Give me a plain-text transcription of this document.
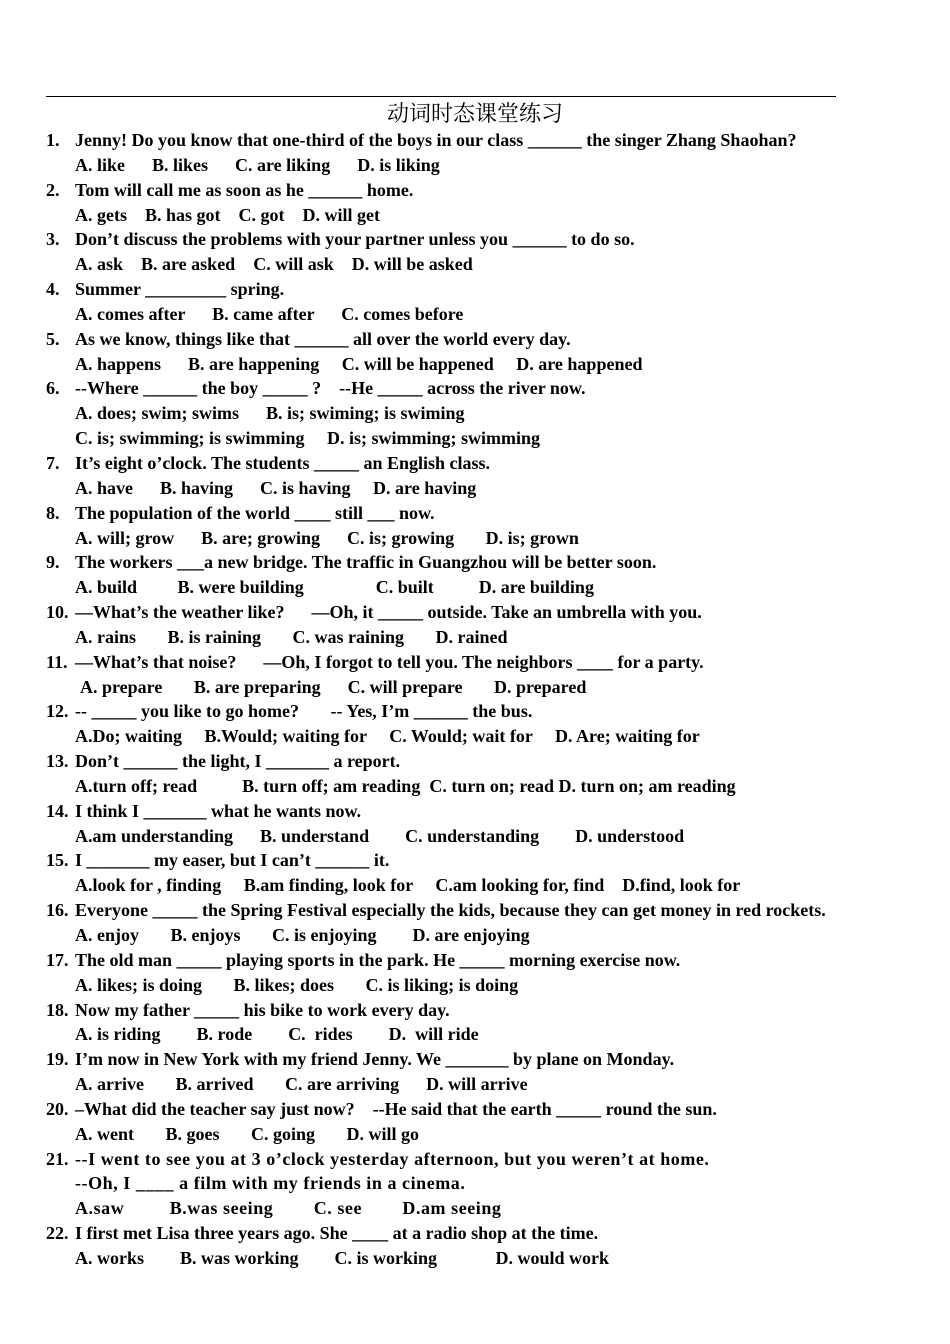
动词时态课堂练习
1. Jenny! Do you know that one-third of the boys in our class ______ the singer Zhang Shaohan?
A. like      B. likes      C. are liking      D. is liking
2. Tom will call me as soon as he ______ home.
A. gets    B. has got    C. got    D. will get
3. Don’t discuss the problems with your partner unless you ______ to do so.
A. ask    B. are asked    C. will ask    D. will be asked
4. Summer _________ spring.
A. comes after      B. came after      C. comes before
5. As we know, things like that ______ all over the world every day.
A. happens      B. are happening     C. will be happened     D. are happened
6. --Where ______ the boy _____ ?    --He _____ across the river now.
A. does; swim; swims      B. is; swiming; is swiming
C. is; swimming; is swimming     D. is; swimming; swimming
7. It’s eight o’clock. The students _____ an English class.
A. have      B. having      C. is having     D. are having
8. The population of the world ____ still ___ now.
A. will; grow      B. are; growing      C. is; growing       D. is; grown
9. The workers ___a new bridge. The traffic in Guangzhou will be better soon.
A. build         B. were building                C. built          D. are building
10. —What’s the weather like?      —Oh, it _____ outside. Take an umbrella with you.
A. rains       B. is raining       C. was raining       D. rained
11. —What’s that noise?      —Oh, I forgot to tell you. The neighbors ____ for a party.
A. prepare       B. are preparing      C. will prepare       D. prepared
12. -- _____ you like to go home?       -- Yes, I’m ______ the bus.
A.Do; waiting     B.Would; waiting for     C. Would; wait for     D. Are; waiting for
13. Don’t ______ the light, I _______ a report.
A.turn off; read          B. turn off; am reading  C. turn on; read D. turn on; am reading
14. I think I _______ what he wants now.
A.am understanding      B. understand        C. understanding        D. understood
15. I _______ my easer, but I can’t ______ it.
A.look for , finding     B.am finding, look for     C.am looking for, find    D.find, look for
16. Everyone _____ the Spring Festival especially the kids, because they can get money in red rockets.
A. enjoy       B. enjoys       C. is enjoying        D. are enjoying
17. The old man _____ playing sports in the park. He _____ morning exercise now.
A. likes; is doing       B. likes; does       C. is liking; is doing
18. Now my father _____ his bike to work every day.
A. is riding        B. rode        C.  rides        D.  will ride
19. I’m now in New York with my friend Jenny. We _______ by plane on Monday.
A. arrive       B. arrived       C. are arriving      D. will arrive
20. –What did the teacher say just now?    --He said that the earth _____ round the sun.
A. went       B. goes       C. going       D. will go
21. --I went to see you at 3 o’clock yesterday afternoon, but you weren’t at home.
--Oh, I ____ a film with my friends in a cinema.
A.saw         B.was seeing        C. see        D.am seeing
22. I first met Lisa three years ago. She ____ at a radio shop at the time.
A. works        B. was working        C. is working             D. would work
